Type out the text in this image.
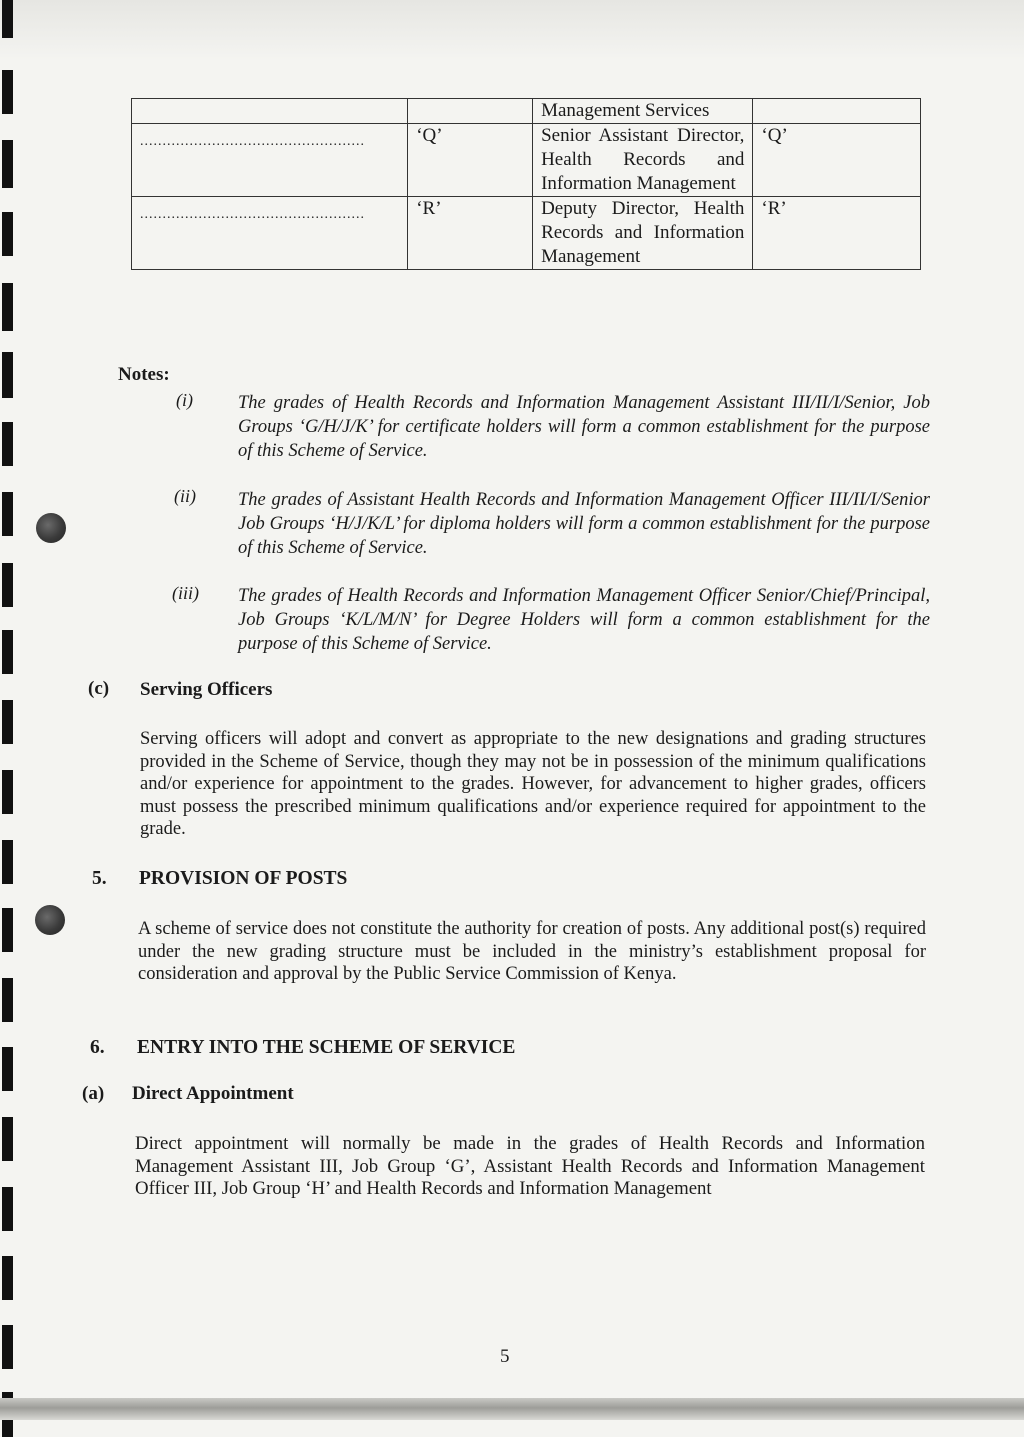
		Management Services	

..................................................	‘Q’	Senior Assistant Director, Health Records and Information Management	‘Q’

..................................................	‘R’	Deputy Director, Health Records and Information Management	‘R’
Notes:
(i) The grades of Health Records and Information Management Assistant III/II/I/Senior, Job Groups ‘G/H/J/K’ for certificate holders will form a common establishment for the purpose of this Scheme of Service.
(ii) The grades of Assistant Health Records and Information Management Officer III/II/I/Senior Job Groups ‘H/J/K/L’ for diploma holders will form a common establishment for the purpose of this Scheme of Service.
(iii) The grades of Health Records and Information Management Officer Senior/Chief/Principal, Job Groups ‘K/L/M/N’ for Degree Holders will form a common establishment for the purpose of this Scheme of Service.
(c) Serving Officers
Serving officers will adopt and convert as appropriate to the new designations and grading structures provided in the Scheme of Service, though they may not be in possession of the minimum qualifications and/or experience for appointment to the grades. However, for advancement to higher grades, officers must possess the prescribed minimum qualifications and/or experience required for appointment to the grade.
5. PROVISION OF POSTS
A scheme of service does not constitute the authority for creation of posts. Any additional post(s) required under the new grading structure must be included in the ministry’s establishment proposal for consideration and approval by the Public Service Commission of Kenya.
6. ENTRY INTO THE SCHEME OF SERVICE
(a) Direct Appointment
Direct appointment will normally be made in the grades of Health Records and Information Management Assistant III, Job Group ‘G’, Assistant Health Records and Information Management Officer III, Job Group ‘H’ and Health Records and Information Management
5
